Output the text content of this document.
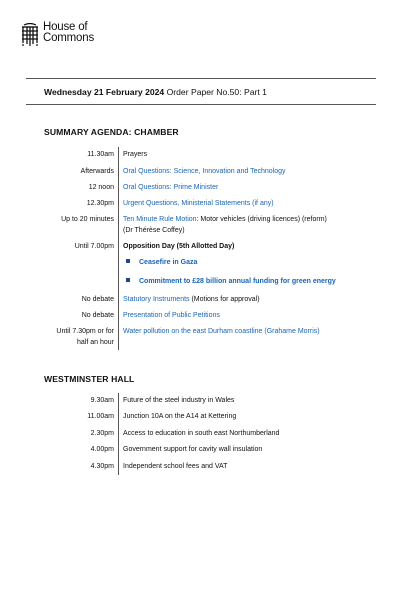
House of
Commons
Wednesday 21 February 2024 Order Paper No.50: Part 1
SUMMARY AGENDA: CHAMBER
11.30am Prayers
Afterwards Oral Questions: Science, Innovation and Technology
12 noon Oral Questions: Prime Minister
12.30pm Urgent Questions, Ministerial Statements (if any)
Up to 20 minutes Ten Minute Rule Motion: Motor vehicles (driving licences) (reform) (Dr Thérèse Coffey)
Until 7.00pm Opposition Day (5th Allotted Day)
Ceasefire in Gaza
Commitment to £28 billion annual funding for green energy
No debate Statutory Instruments (Motions for approval)
No debate Presentation of Public Petitions
Until 7.30pm or for
half an hour
Water pollution on the east Durham coastline (Grahame Morris)
WESTMINSTER HALL
9.30am Future of the steel industry in Wales
11.00am Junction 10A on the A14 at Kettering
2.30pm Access to education in south east Northumberland
4.00pm Government support for cavity wall insulation
4.30pm Independent school fees and VAT
